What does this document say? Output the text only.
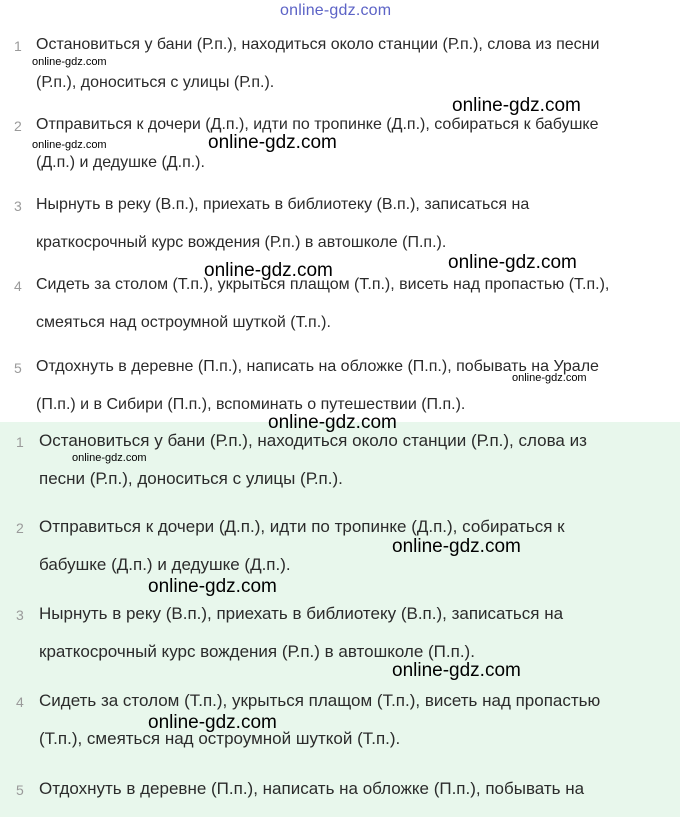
1 Остановиться у бани (Р.п.), находиться около станции (Р.п.), слова из песни
(Р.п.), доноситься с улицы (Р.п.).
2 Отправиться к дочери (Д.п.), идти по тропинке (Д.п.), собираться к бабушке
(Д.п.) и дедушке (Д.п.).
3 Нырнуть в реку (В.п.), приехать в библиотеку (В.п.), записаться на
краткосрочный курс вождения (Р.п.) в автошколе (П.п.).
4 Сидеть за столом (Т.п.), укрыться плащом (Т.п.), висеть над пропастью (Т.п.),
смеяться над остроумной шуткой (Т.п.).
5 Отдохнуть в деревне (П.п.), написать на обложке (П.п.), побывать на Урале
(П.п.) и в Сибири (П.п.), вспоминать о путешествии (П.п.).
1 Остановиться у бани (Р.п.), находиться около станции (Р.п.), слова из
песни (Р.п.), доноситься с улицы (Р.п.).
2 Отправиться к дочери (Д.п.), идти по тропинке (Д.п.), собираться к
бабушке (Д.п.) и дедушке (Д.п.).
3 Нырнуть в реку (В.п.), приехать в библиотеку (В.п.), записаться на
краткосрочный курс вождения (Р.п.) в автошколе (П.п.).
4 Сидеть за столом (Т.п.), укрыться плащом (Т.п.), висеть над пропастью
(Т.п.), смеяться над остроумной шуткой (Т.п.).
5 Отдохнуть в деревне (П.п.), написать на обложке (П.п.), побывать на
online-gdz.com
online-gdz.com
online-gdz.com
online-gdz.com	online-gdz.com
online-gdz.com
online-gdz.com
online-gdz.com
online-gdz.com
online-gdz.com
online-gdz.com
online-gdz.com
online-gdz.com
online-gdz.com
